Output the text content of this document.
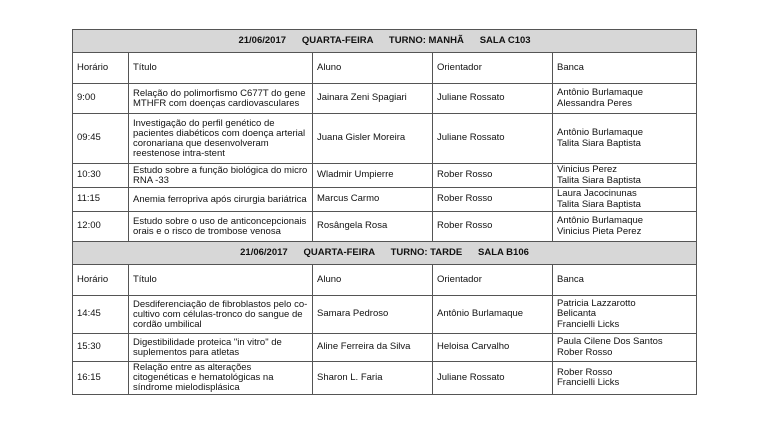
21/06/2017      QUARTA-FEIRA      TURNO: MANHÃ      SALA C103				
Horário	Título	Aluno	Orientador	Banca
9:00	Relação do polimorfismo C677T do gene MTHFR com doenças cardiovasculares	Jainara Zeni Spagiari	Juliane Rossato	Antônio Burlamaque
Alessandra Peres

09:45	Investigação do perfil genético de pacientes diabéticos com doença arterial coronariana que desenvolveram reestenose intra-stent	Juana Gisler Moreira	Juliane Rossato	Antônio Burlamaque
Talita Siara Baptista

10:30	Estudo sobre a função biológica do micro RNA -33	Wladmir Umpierre	Rober Rosso	Vinicius Perez
Talita Siara Baptista

11:15	Anemia ferropriva após cirurgia bariátrica	Marcus Carmo	Rober Rosso	Laura Jacocinunas
Talita Siara Baptista

12:00	Estudo sobre o uso de anticoncepcionais orais e o risco de trombose venosa	Rosângela Rosa	Rober Rosso	Antônio Burlamaque
Vinicius Pieta Perez

21/06/2017      QUARTA-FEIRA      TURNO: TARDE      SALA B106				
Horário	Título	Aluno	Orientador	Banca
14:45	Desdiferenciação de fibroblastos pelo co-cultivo com células-tronco do sangue de cordão umbilical	Samara Pedroso	Antônio Burlamaque	Patricia Lazzarotto
Belicanta
Francielli Licks

15:30	Digestibilidade proteica "in vitro" de suplementos para atletas	Aline Ferreira da Silva	Heloisa Carvalho	Paula Cilene Dos Santos
Rober Rosso

16:15	Relação entre as alterações citogenéticas e hematológicas na síndrome mielodisplásica	Sharon L. Faria	Juliane Rossato	Rober Rosso
Francielli Licks
